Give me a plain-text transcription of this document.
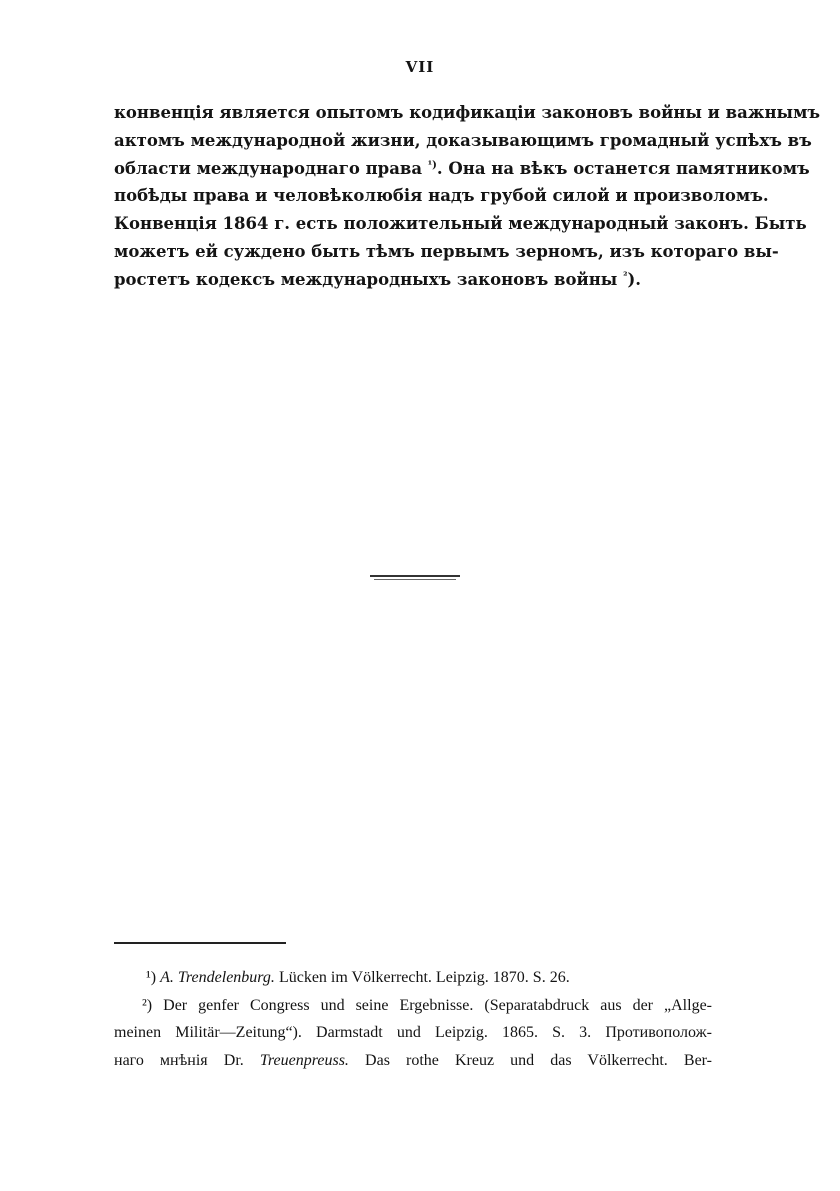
VII
конвенція является опытомъ кодификаціи законовъ войны и важнымъ
актомъ международной жизни, доказывающимъ громадный успѣхъ въ
области международнаго права $^{^1)}$. Она на вѣкъ останется памятникомъ
побѣды права и человѣколюбія надъ грубой силой и произволомъ.
Конвенція 1864 г. есть положительный международный законъ. Быть
можетъ ей суждено быть тѣмъ первымъ зерномъ, изъ котораго вы-
ростетъ кодексъ международныхъ законовъ войны $^{^2}$).
¹) A. Trendelenburg. Lücken im Völkerrecht. Leipzig. 1870. S. 26.
²) Der genfer Congress und seine Ergebnisse. (Separatabdruck aus der „Allge-
meinen Militär—Zeitung“). Darmstadt und Leipzig. 1865. S. 3. Противополож-
наго мнѣнія Dr. Treuenpreuss. Das rothe Kreuz und das Völkerrecht. Ber-
